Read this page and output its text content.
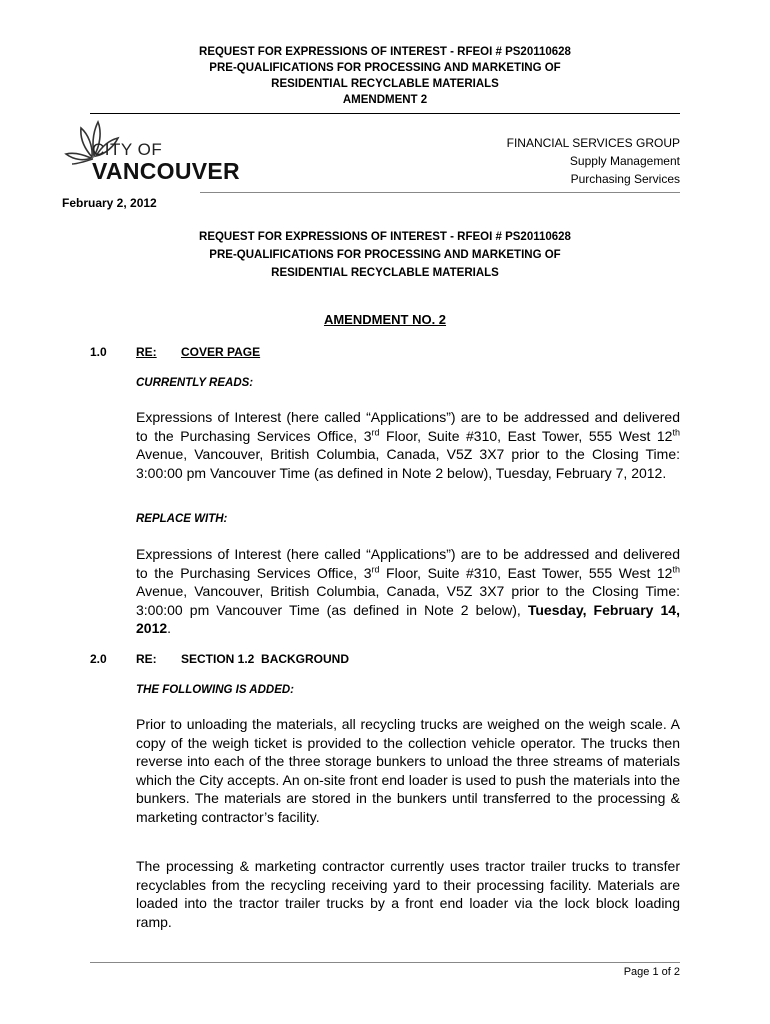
REQUEST FOR EXPRESSIONS OF INTEREST - RFEOI # PS20110628
PRE-QUALIFICATIONS FOR PROCESSING AND MARKETING OF
RESIDENTIAL RECYCLABLE MATERIALS
AMENDMENT 2
CITY OF
VANCOUVER
FINANCIAL SERVICES GROUP
Supply Management
Purchasing Services
February 2, 2012
REQUEST FOR EXPRESSIONS OF INTEREST - RFEOI # PS20110628
PRE-QUALIFICATIONS FOR PROCESSING AND MARKETING OF
RESIDENTIAL RECYCLABLE MATERIALS
AMENDMENT NO. 2
1.0 RE: COVER PAGE
CURRENTLY READS:
Expressions of Interest (here called “Applications”) are to be addressed and delivered to the Purchasing Services Office, 3rd Floor, Suite #310, East Tower, 555 West 12th Avenue, Vancouver, British Columbia, Canada, V5Z 3X7 prior to the Closing Time: 3:00:00 pm Vancouver Time (as defined in Note 2 below), Tuesday, February 7, 2012.
REPLACE WITH:
Expressions of Interest (here called “Applications”) are to be addressed and delivered to the Purchasing Services Office, 3rd Floor, Suite #310, East Tower, 555 West 12th Avenue, Vancouver, British Columbia, Canada, V5Z 3X7 prior to the Closing Time: 3:00:00 pm Vancouver Time (as defined in Note 2 below), Tuesday, February 14, 2012.
2.0 RE: SECTION 1.2  BACKGROUND
THE FOLLOWING IS ADDED:
Prior to unloading the materials, all recycling trucks are weighed on the weigh scale. A copy of the weigh ticket is provided to the collection vehicle operator. The trucks then reverse into each of the three storage bunkers to unload the three streams of materials which the City accepts. An on-site front end loader is used to push the materials into the bunkers. The materials are stored in the bunkers until transferred to the processing & marketing contractor’s facility.
The processing & marketing contractor currently uses tractor trailer trucks to transfer recyclables from the recycling receiving yard to their processing facility. Materials are loaded into the tractor trailer trucks by a front end loader via the lock block loading ramp.
Page 1 of 2
